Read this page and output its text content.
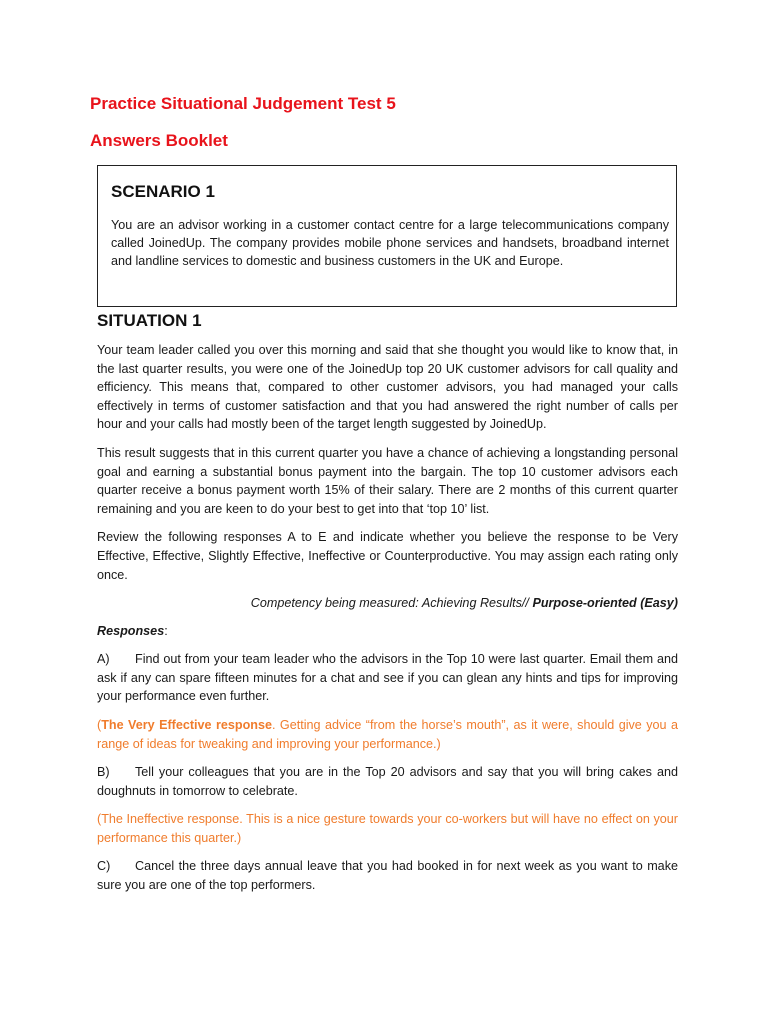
Practice Situational Judgement Test 5
Answers Booklet
SCENARIO 1

You are an advisor working in a customer contact centre for a large telecommunications company called JoinedUp. The company provides mobile phone services and handsets, broadband internet and landline services to domestic and business customers in the UK and Europe.

SITUATION 1

Your team leader called you over this morning and said that she thought you would like to know that, in the last quarter results, you were one of the JoinedUp top 20 UK customer advisors for call quality and efficiency. This means that, compared to other customer advisors, you had managed your calls effectively in terms of customer satisfaction and that you had answered the right number of calls per hour and your calls had mostly been of the target length suggested by JoinedUp.

This result suggests that in this current quarter you have a chance of achieving a longstanding personal goal and earning a substantial bonus payment into the bargain. The top 10 customer advisors each quarter receive a bonus payment worth 15% of their salary. There are 2 months of this current quarter remaining and you are keen to do your best to get into that ‘top 10’ list.

Review the following responses A to E and indicate whether you believe the response to be Very Effective, Effective, Slightly Effective, Ineffective or Counterproductive. You may assign each rating only once.

Competency being measured: Achieving Results// Purpose-oriented (Easy)

Responses:

A) Find out from your team leader who the advisors in the Top 10 were last quarter. Email them and ask if any can spare fifteen minutes for a chat and see if you can glean any hints and tips for improving your performance even further.

(The Very Effective response. Getting advice “from the horse’s mouth”, as it were, should give you a range of ideas for tweaking and improving your performance.)

B) Tell your colleagues that you are in the Top 20 advisors and say that you will bring cakes and doughnuts in tomorrow to celebrate.

(The Ineffective response. This is a nice gesture towards your co-workers but will have no effect on your performance this quarter.)

C) Cancel the three days annual leave that you had booked in for next week as you want to make sure you are one of the top performers.
